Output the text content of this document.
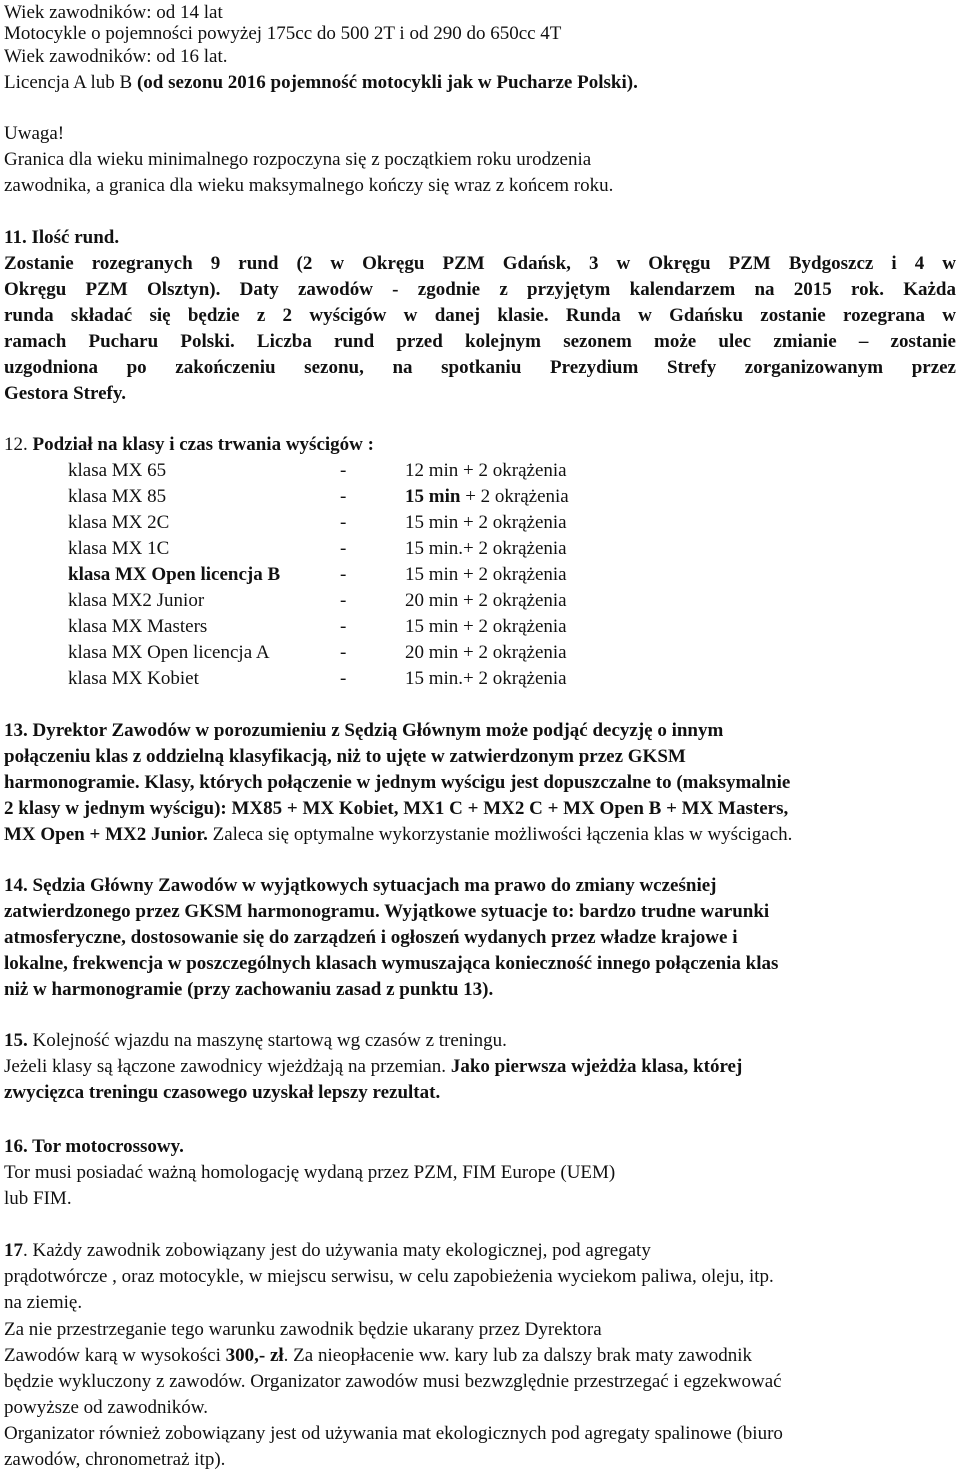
Wiek zawodników: od 14 lat
Motocykle o pojemności powyżej 175cc do 500 2T i od 290 do 650cc 4T
Wiek zawodników: od 16 lat.
Licencja A lub B (od sezonu 2016 pojemność motocykli jak w Pucharze Polski).
Uwaga!
Granica dla wieku minimalnego rozpoczyna się z początkiem roku urodzenia
zawodnika, a granica dla wieku maksymalnego kończy się wraz z końcem roku.
11. Ilość rund.
Zostanie rozegranych 9 rund (2 w Okręgu PZM Gdańsk, 3 w Okręgu PZM Bydgoszcz i 4 w
Okręgu PZM Olsztyn). Daty zawodów - zgodnie z przyjętym kalendarzem na 2015 rok. Każda
runda składać się będzie z 2 wyścigów w danej klasie. Runda w Gdańsku zostanie rozegrana w
ramach Pucharu Polski. Liczba rund przed kolejnym sezonem może ulec zmianie – zostanie
uzgodniona po zakończeniu sezonu, na spotkaniu Prezydium Strefy zorganizowanym przez
Gestora Strefy.
12. Podział na klasy i czas trwania wyścigów :
klasa MX 65	-	12 min + 2 okrążenia
klasa MX 85	-	15 min + 2 okrążenia
klasa MX 2C	-	15 min + 2 okrążenia
klasa MX 1C	-	15 min.+ 2 okrążenia
klasa MX Open licencja B	-	15 min + 2 okrążenia
klasa MX2 Junior	-	20 min + 2 okrążenia
klasa MX Masters	-	15 min + 2 okrążenia
klasa MX Open licencja A	-	20 min + 2 okrążenia
klasa MX Kobiet	-	15 min.+ 2 okrążenia
13. Dyrektor Zawodów w porozumieniu z Sędzią Głównym może podjąć decyzję o innym
połączeniu klas z oddzielną klasyfikacją, niż to ujęte w zatwierdzonym przez GKSM
harmonogramie. Klasy, których połączenie w jednym wyścigu jest dopuszczalne to (maksymalnie
2 klasy w jednym wyścigu): MX85 + MX Kobiet, MX1 C + MX2 C + MX Open B + MX Masters,
MX Open + MX2 Junior. Zaleca się optymalne wykorzystanie możliwości łączenia klas w wyścigach.
14. Sędzia Główny Zawodów w wyjątkowych sytuacjach ma prawo do zmiany wcześniej
zatwierdzonego przez GKSM harmonogramu. Wyjątkowe sytuacje to: bardzo trudne warunki
atmosferyczne, dostosowanie się do zarządzeń i ogłoszeń wydanych przez władze krajowe i
lokalne, frekwencja w poszczególnych klasach wymuszająca konieczność innego połączenia klas
niż w harmonogramie (przy zachowaniu zasad z punktu 13).
15. Kolejność wjazdu na maszynę startową wg czasów z treningu.
Jeżeli klasy są łączone zawodnicy wjeżdżają na przemian. Jako pierwsza wjeżdża klasa, której
zwycięzca treningu czasowego uzyskał lepszy rezultat.
16. Tor motocrossowy.
Tor musi posiadać ważną homologację wydaną przez PZM, FIM Europe (UEM)
lub FIM.
17. Każdy zawodnik zobowiązany jest do używania maty ekologicznej, pod agregaty
prądotwórcze , oraz motocykle, w miejscu serwisu, w celu zapobieżenia wyciekom paliwa, oleju, itp.
na ziemię.
Za nie przestrzeganie tego warunku zawodnik będzie ukarany przez Dyrektora
Zawodów karą w wysokości 300,- zł. Za nieopłacenie ww. kary lub za dalszy brak maty zawodnik
będzie wykluczony z zawodów. Organizator zawodów musi bezwzględnie przestrzegać i egzekwować
powyższe od zawodników.
Organizator również zobowiązany jest od używania mat ekologicznych pod agregaty spalinowe (biuro
zawodów, chronometraż itp).
